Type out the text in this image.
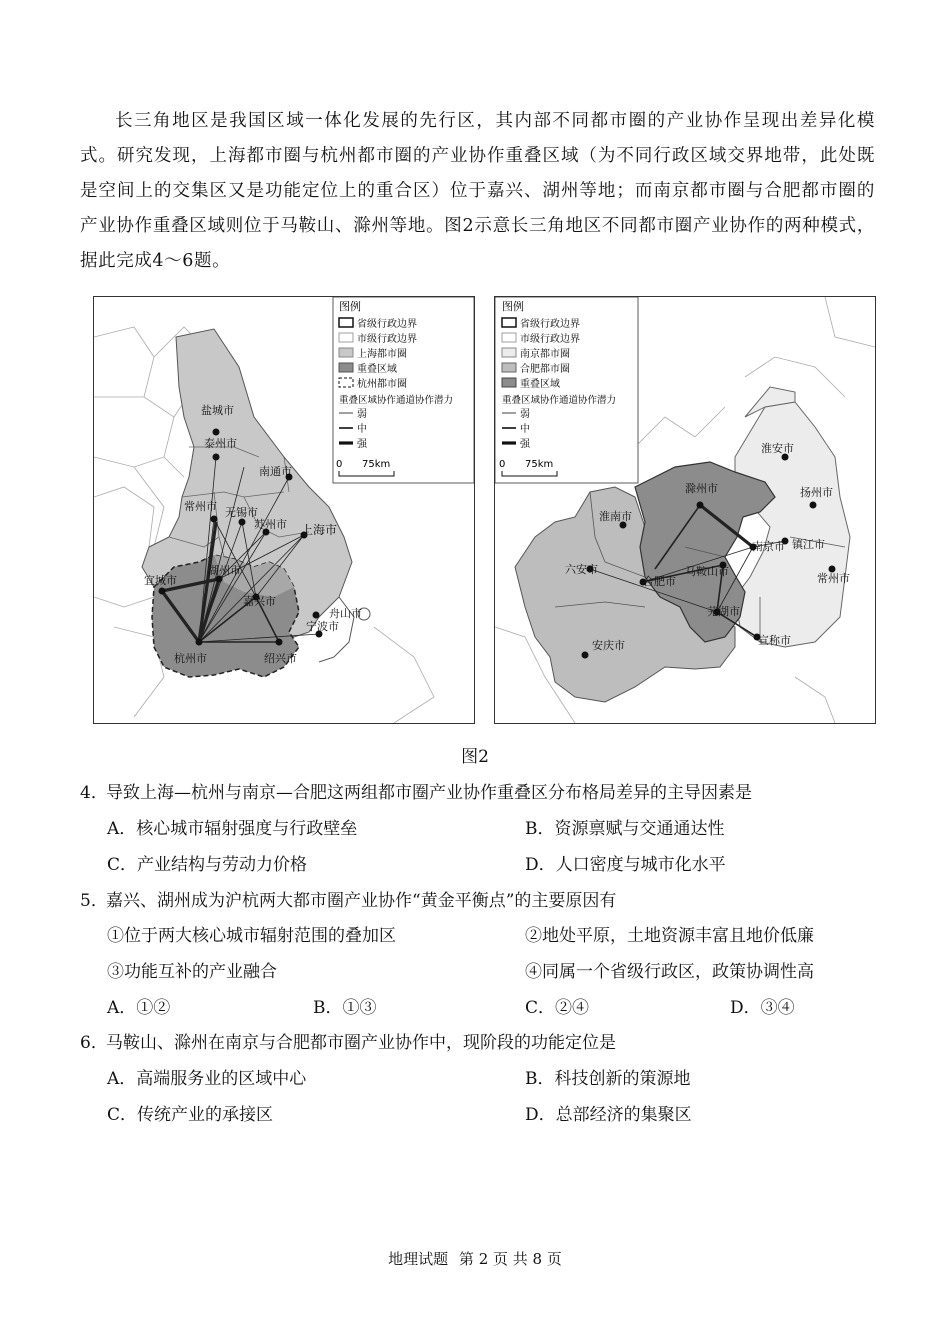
长三角地区是我国区域一体化发展的先行区，其内部不同都市圈的产业协作呈现出差异化模式。研究发现，上海都市圈与杭州都市圈的产业协作重叠区域（为不同行政区域交界地带，此处既是空间上的交集区又是功能定位上的重合区）位于嘉兴、湖州等地；而南京都市圈与合肥都市圈的产业协作重叠区域则位于马鞍山、滁州等地。图2示意长三角地区不同都市圈产业协作的两种模式，据此完成4～6题。

盐城市
泰州市
南通市
常州市 无锡市
苏州市 上海市
宜城市
湖州市
嘉兴市
舟山市
宁波市
杭州市	绍兴市
图例
省级行政边界
市级行政边界
上海都市圈
重叠区域
杭州都市圈
重叠区域协作通道协作潜力
弱
中
强
0 75km
淮安市
扬州市
淮南市
滁州市
南京市 镇江市
六安市
合肥市
马鞍山市
常州市
芜湖市
安庆市	宣称市
图例
省级行政边界
市级行政边界
南京都市圈
合肥都市圈
重叠区域
重叠区域协作通道协作潜力
弱
中
强
0 75km
图2
4．导致上海—杭州与南京—合肥这两组都市圈产业协作重叠区分布格局差异的主导因素是
A．核心城市辐射强度与行政壁垒	B．资源禀赋与交通通达性
C．产业结构与劳动力价格	D．人口密度与城市化水平
5．嘉兴、湖州成为沪杭两大都市圈产业协作“黄金平衡点”的主要原因有
①位于两大核心城市辐射范围的叠加区	②地处平原，土地资源丰富且地价低廉
③功能互补的产业融合	④同属一个省级行政区，政策协调性高
A．①②	B．①③	C．②④	D．③④
6．马鞍山、滁州在南京与合肥都市圈产业协作中，现阶段的功能定位是
A．高端服务业的区域中心	B．科技创新的策源地
C．传统产业的承接区	D．总部经济的集聚区
地理试题 第 2 页 共 8 页
